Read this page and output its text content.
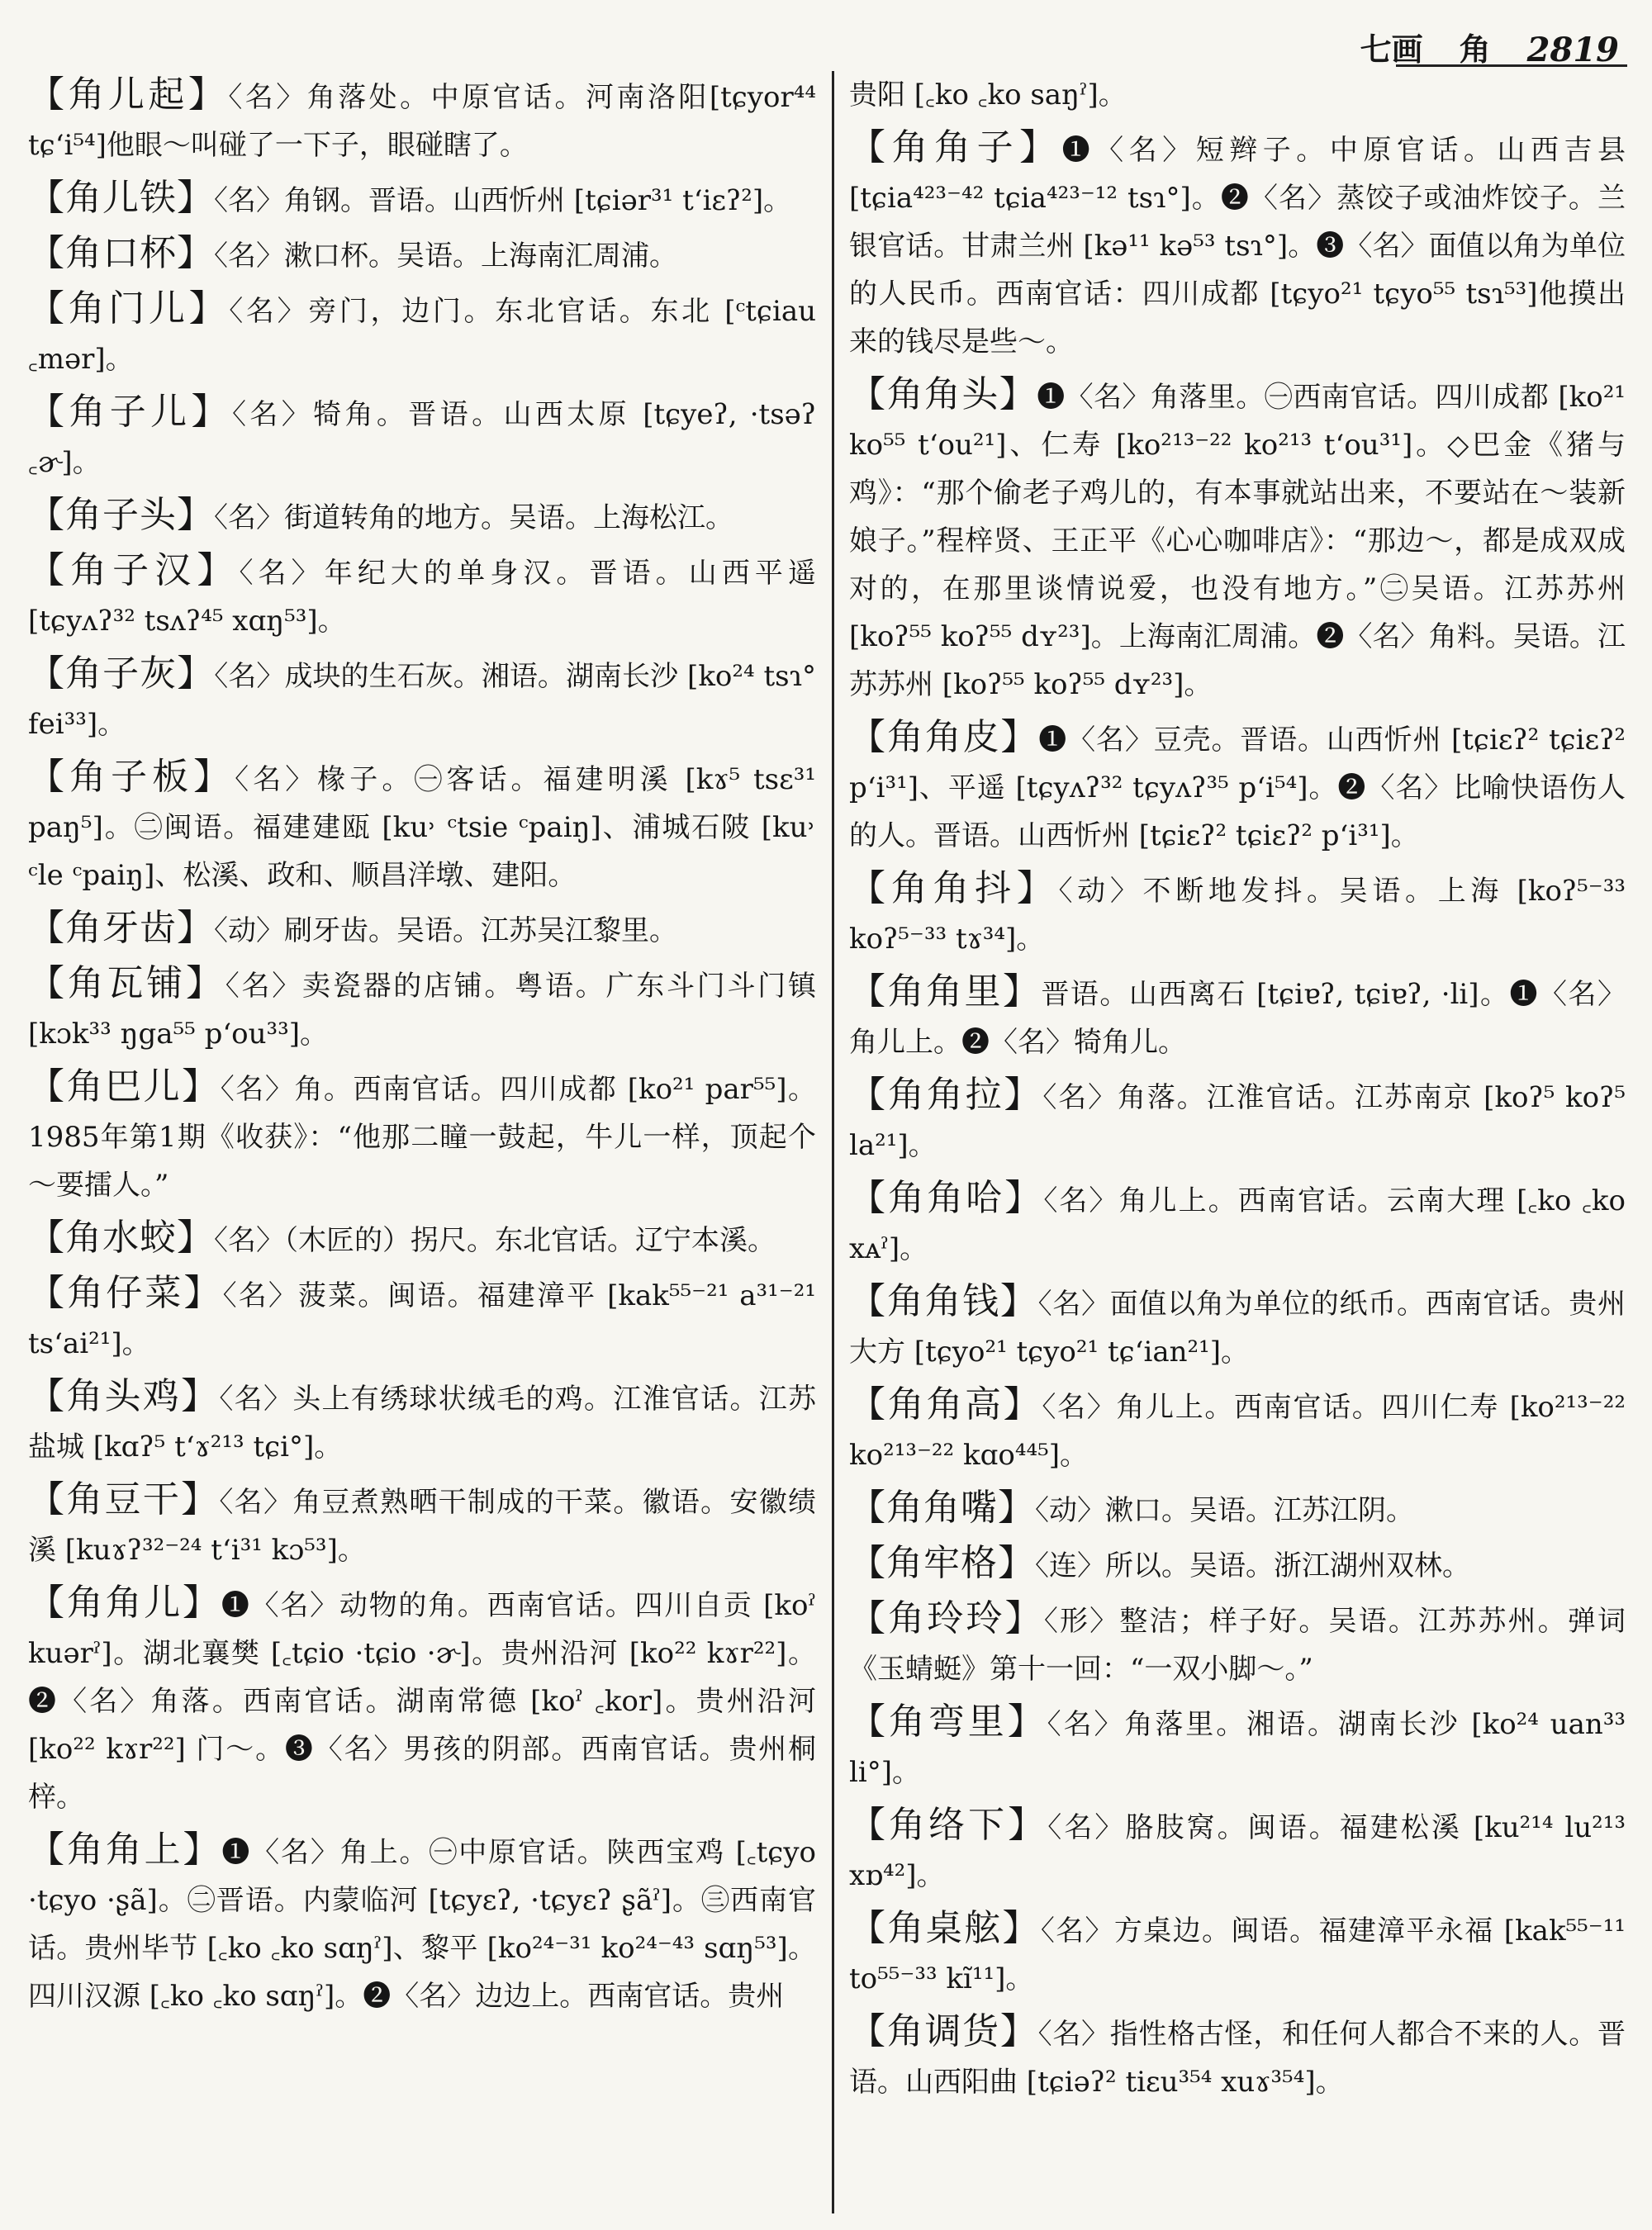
七画 角 2819
【角儿起】〈名〉角落处。中原官话。河南洛阳[tɕyor⁴⁴ tɕʻi⁵⁴]他眼～叫碰了一下子，眼碰瞎了。
【角儿铁】〈名〉角钢。晋语。山西忻州 [tɕiər³¹ tʻiɛʔ²]。
【角口杯】〈名〉漱口杯。吴语。上海南汇周浦。
【角门儿】〈名〉旁门，边门。东北官话。东北 [ᶜtɕiau ꜀mər]。
【角子儿】〈名〉犄角。晋语。山西太原 [tɕyeʔ, ·tsəʔ ꜀ɚ]。
【角子头】〈名〉街道转角的地方。吴语。上海松江。
【角子汉】〈名〉年纪大的单身汉。晋语。山西平遥 [tɕyʌʔ³² tsʌʔ⁴⁵ xɑŋ⁵³]。
【角子灰】〈名〉成块的生石灰。湘语。湖南长沙 [ko²⁴ tsɿ° fei³³]。
【角子板】〈名〉椽子。㊀客话。福建明溪 [kɤ⁵ tsɛ³¹ paŋ⁵]。㊁闽语。福建建瓯 [ku˒ ᶜtsie ᶜpaiŋ]、浦城石陂 [ku˒ ᶜle ᶜpaiŋ]、松溪、政和、顺昌洋墩、建阳。
【角牙齿】〈动〉刷牙齿。吴语。江苏吴江黎里。
【角瓦铺】〈名〉卖瓷器的店铺。粤语。广东斗门斗门镇 [kɔk³³ ŋga⁵⁵ pʻou³³]。
【角巴儿】〈名〉角。西南官话。四川成都 [ko²¹ par⁵⁵]。1985年第1期《收获》：“他那二瞳一鼓起，牛儿一样，顶起个～要擂人。”
【角水蛟】〈名〉（木匠的）拐尺。东北官话。辽宁本溪。
【角仔菜】〈名〉菠菜。闽语。福建漳平 [kak⁵⁵⁻²¹ a³¹⁻²¹ tsʻai²¹]。
【角头鸡】〈名〉头上有绣球状绒毛的鸡。江淮官话。江苏盐城 [kɑʔ⁵ tʻɤ²¹³ tɕi°]。
【角豆干】〈名〉角豆煮熟晒干制成的干菜。徽语。安徽绩溪 [kuɤʔ³²⁻²⁴ tʻi³¹ kɔ⁵³]。
【角角儿】❶〈名〉动物的角。西南官话。四川自贡 [koˀ kuərˀ]。湖北襄樊 [꜀tɕio ·tɕio ·ɚ]。贵州沿河 [ko²² kɤr²²]。❷〈名〉角落。西南官话。湖南常德 [koˀ ꜀kor]。贵州沿河 [ko²² kɤr²²] 门～。❸〈名〉男孩的阴部。西南官话。贵州桐梓。
【角角上】❶〈名〉角上。㊀中原官话。陕西宝鸡 [꜀tɕyo ·tɕyo ·ʂã]。㊁晋语。内蒙临河 [tɕyɛʔ, ·tɕyɛʔ ʂãˀ]。㊂西南官话。贵州毕节 [꜀ko ꜀ko sɑŋˀ]、黎平 [ko²⁴⁻³¹ ko²⁴⁻⁴³ sɑŋ⁵³]。四川汉源 [꜀ko ꜀ko sɑŋˀ]。❷〈名〉边边上。西南官话。贵州
贵阳 [꜀ko ꜀ko saŋˀ]。
【角角子】❶〈名〉短辫子。中原官话。山西吉县 [tɕia⁴²³⁻⁴² tɕia⁴²³⁻¹² tsɿ°]。❷〈名〉蒸饺子或油炸饺子。兰银官话。甘肃兰州 [kə¹¹ kə⁵³ tsɿ°]。❸〈名〉面值以角为单位的人民币。西南官话：四川成都 [tɕyo²¹ tɕyo⁵⁵ tsɿ⁵³]他摸出来的钱尽是些～。
【角角头】❶〈名〉角落里。㊀西南官话。四川成都 [ko²¹ ko⁵⁵ tʻou²¹]、仁寿 [ko²¹³⁻²² ko²¹³ tʻou³¹]。◇巴金《猪与鸡》：“那个偷老子鸡儿的，有本事就站出来，不要站在～装新娘子。”程梓贤、王正平《心心咖啡店》：“那边～，都是成双成对的，在那里谈情说爱，也没有地方。”㊁吴语。江苏苏州 [koʔ⁵⁵ koʔ⁵⁵ dʏ²³]。上海南汇周浦。❷〈名〉角料。吴语。江苏苏州 [koʔ⁵⁵ koʔ⁵⁵ dʏ²³]。
【角角皮】❶〈名〉豆壳。晋语。山西忻州 [tɕiɛʔ² tɕiɛʔ² pʻi³¹]、平遥 [tɕyʌʔ³² tɕyʌʔ³⁵ pʻi⁵⁴]。❷〈名〉比喻快语伤人的人。晋语。山西忻州 [tɕiɛʔ² tɕiɛʔ² pʻi³¹]。
【角角抖】〈动〉不断地发抖。吴语。上海 [koʔ⁵⁻³³ koʔ⁵⁻³³ tɤ³⁴]。
【角角里】晋语。山西离石 [tɕiɐʔ, tɕiɐʔ, ·li]。❶〈名〉角儿上。❷〈名〉犄角儿。
【角角拉】〈名〉角落。江淮官话。江苏南京 [koʔ⁵ koʔ⁵ la²¹]。
【角角哈】〈名〉角儿上。西南官话。云南大理 [꜀ko ꜀ko xᴀˀ]。
【角角钱】〈名〉面值以角为单位的纸币。西南官话。贵州大方 [tɕyo²¹ tɕyo²¹ tɕʻian²¹]。
【角角高】〈名〉角儿上。西南官话。四川仁寿 [ko²¹³⁻²² ko²¹³⁻²² kɑo⁴⁴⁵]。
【角角嘴】〈动〉漱口。吴语。江苏江阴。
【角牢格】〈连〉所以。吴语。浙江湖州双林。
【角玲玲】〈形〉整洁；样子好。吴语。江苏苏州。弹词《玉蜻蜓》第十一回：“一双小脚～。”
【角弯里】〈名〉角落里。湘语。湖南长沙 [ko²⁴ uan³³ li°]。
【角络下】〈名〉胳肢窝。闽语。福建松溪 [ku²¹⁴ lu²¹³ xɒ⁴²]。
【角桌舷】〈名〉方桌边。闽语。福建漳平永福 [kak⁵⁵⁻¹¹ to⁵⁵⁻³³ kĩ¹¹]。
【角调货】〈名〉指性格古怪，和任何人都合不来的人。晋语。山西阳曲 [tɕiəʔ² tiɛu³⁵⁴ xuɤ³⁵⁴]。
